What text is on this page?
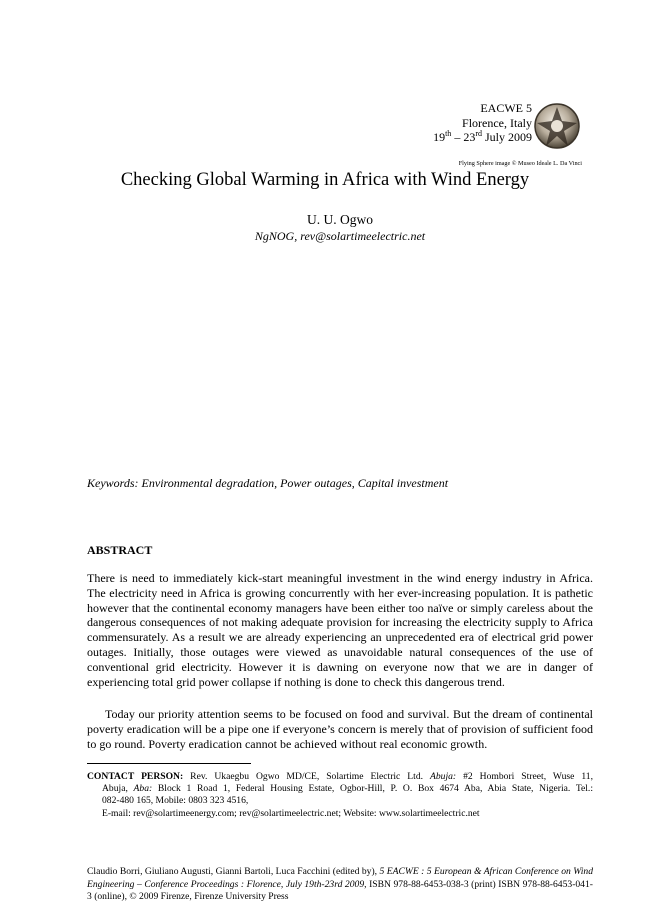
EACWE 5
Florence, Italy
19th – 23rd July 2009
Flying Sphere image © Museo Ideale L. Da Vinci
Checking Global Warming in Africa with Wind Energy
U. U. Ogwo
NgNOG, rev@solartimeelectric.net
Keywords: Environmental degradation, Power outages, Capital investment
ABSTRACT
There is need to immediately kick-start meaningful investment in the wind energy industry in Africa. The electricity need in Africa is growing concurrently with her ever-increasing population. It is pathetic however that the continental economy managers have been either too naïve or simply careless about the dangerous consequences of not making adequate provision for increasing the electricity supply to Africa commensurately. As a result we are already experiencing an unprecedented era of electrical grid power outages. Initially, those outages were viewed as unavoidable natural consequences of the use of conventional grid electricity. However it is dawning on everyone now that we are in danger of experiencing total grid power collapse if nothing is done to check this dangerous trend.
Today our priority attention seems to be focused on food and survival. But the dream of continental poverty eradication will be a pipe one if everyone’s concern is merely that of provision of sufficient food to go round. Poverty eradication cannot be achieved without real economic growth.
CONTACT PERSON: Rev. Ukaegbu Ogwo MD/CE, Solartime Electric Ltd. Abuja: #2 Hombori Street, Wuse 11,
Abuja, Aba: Block 1 Road 1, Federal Housing Estate, Ogbor-Hill, P. O. Box 4674 Aba, Abia State, Nigeria. Tel.:
082-480 165, Mobile: 0803 323 4516,
E-mail: rev@solartimeenergy.com; rev@solartimeelectric.net; Website: www.solartimeelectric.net
Claudio Borri, Giuliano Augusti, Gianni Bartoli, Luca Facchini (edited by), 5 EACWE : 5 European & African Conference on Wind Engineering – Conference Proceedings : Florence, July 19th-23rd 2009, ISBN 978-88-6453-038-3 (print) ISBN 978-88-6453-041-3 (online), © 2009 Firenze, Firenze University Press
